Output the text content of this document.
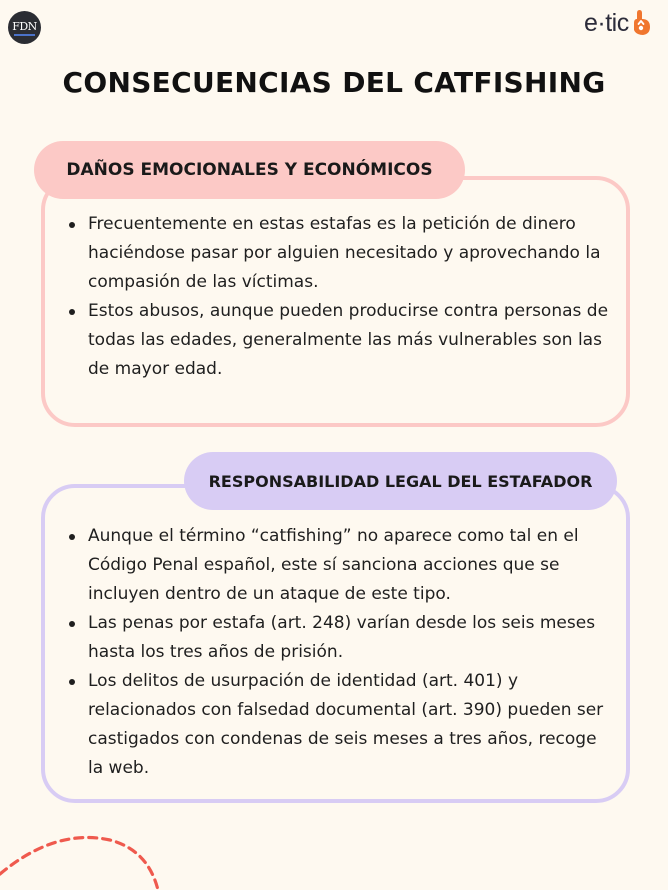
FDN	e·tic
CONSECUENCIAS DEL CATFISHING
DAÑOS EMOCIONALES Y ECONÓMICOS
Frecuentemente en estas estafas es la petición de dinero haciéndose pasar por alguien necesitado y aprovechando la compasión de las víctimas.
Estos abusos, aunque pueden producirse contra personas de todas las edades, generalmente las más vulnerables son las de mayor edad.
RESPONSABILIDAD LEGAL DEL ESTAFADOR
Aunque el término “catfishing” no aparece como tal en el Código Penal español, este sí sanciona acciones que se incluyen dentro de un ataque de este tipo.
Las penas por estafa (art. 248) varían desde los seis meses hasta los tres años de prisión.
Los delitos de usurpación de identidad (art. 401) y relacionados con falsedad documental (art. 390) pueden ser castigados con condenas de seis meses a tres años, recoge la web.
